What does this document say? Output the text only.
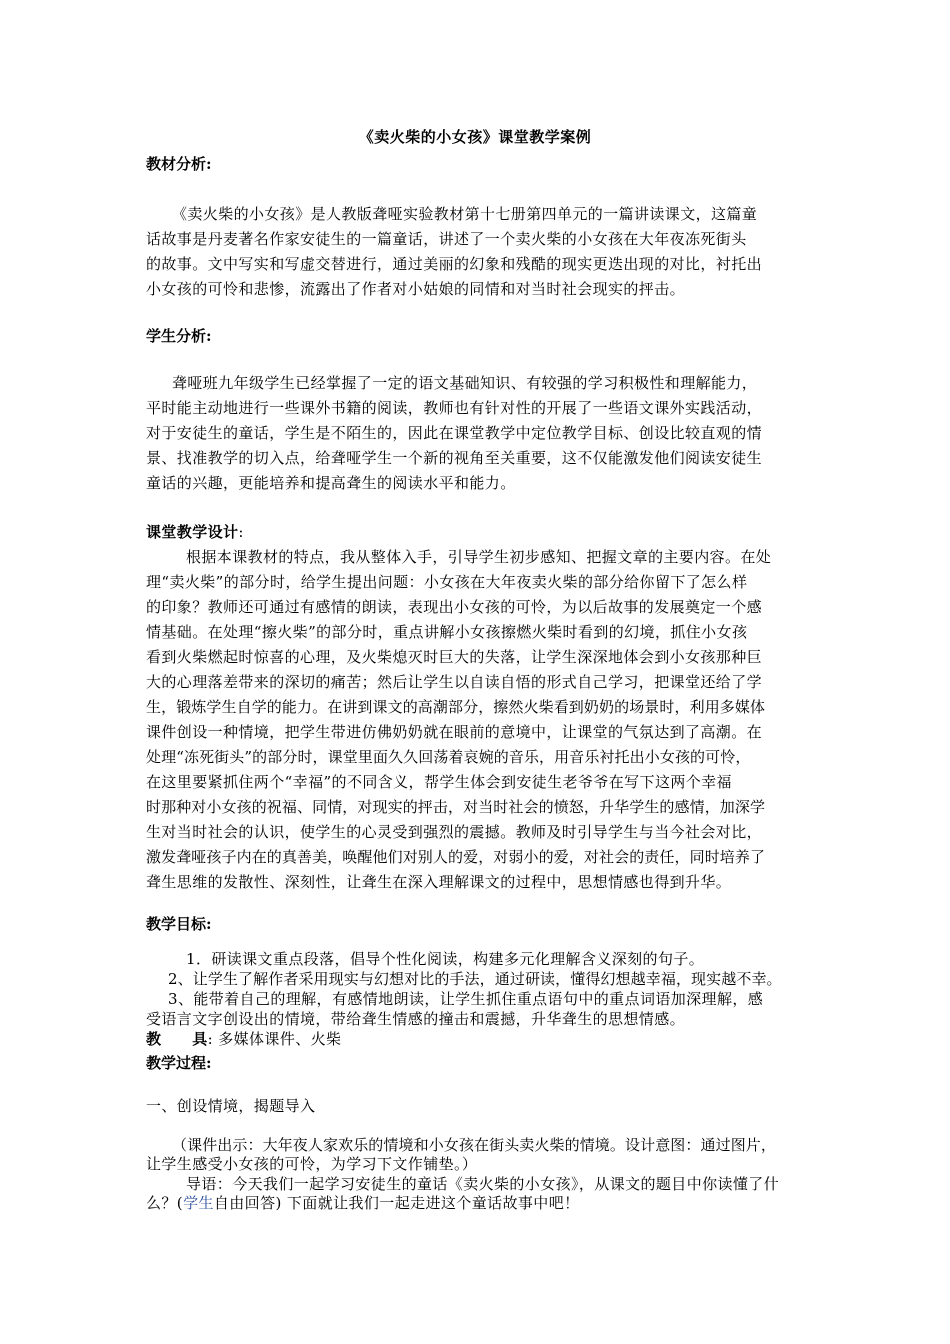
《卖火柴的小女孩》课堂教学案例
教材分析:
《卖火柴的小女孩》是人教版聋哑实验教材第十七册第四单元的一篇讲读课文，这篇童
话故事是丹麦著名作家安徒生的一篇童话，讲述了一个卖火柴的小女孩在大年夜冻死街头
的故事。文中写实和写虚交替进行，通过美丽的幻象和残酷的现实更迭出现的对比，衬托出
小女孩的可怜和悲惨，流露出了作者对小姑娘的同情和对当时社会现实的抨击。
学生分析:
聋哑班九年级学生已经掌握了一定的语文基础知识、有较强的学习积极性和理解能力，
平时能主动地进行一些课外书籍的阅读，教师也有针对性的开展了一些语文课外实践活动，
对于安徒生的童话，学生是不陌生的，因此在课堂教学中定位教学目标、创设比较直观的情
景、找准教学的切入点，给聋哑学生一个新的视角至关重要，这不仅能激发他们阅读安徒生
童话的兴趣，更能培养和提高聋生的阅读水平和能力。
课堂教学设计:
根据本课教材的特点，我从整体入手，引导学生初步感知、把握文章的主要内容。在处
理“卖火柴”的部分时，给学生提出问题：小女孩在大年夜卖火柴的部分给你留下了怎么样
的印象？教师还可通过有感情的朗读，表现出小女孩的可怜，为以后故事的发展奠定一个感
情基础。在处理“擦火柴”的部分时，重点讲解小女孩擦燃火柴时看到的幻境，抓住小女孩
看到火柴燃起时惊喜的心理，及火柴熄灭时巨大的失落，让学生深深地体会到小女孩那种巨
大的心理落差带来的深切的痛苦；然后让学生以自读自悟的形式自己学习，把课堂还给了学
生，锻炼学生自学的能力。在讲到课文的高潮部分，擦然火柴看到奶奶的场景时，利用多媒体
课件创设一种情境，把学生带进仿佛奶奶就在眼前的意境中，让课堂的气氛达到了高潮。在
处理“冻死街头”的部分时，课堂里面久久回荡着哀婉的音乐，用音乐衬托出小女孩的可怜，
在这里要紧抓住两个“幸福”的不同含义，帮学生体会到安徒生老爷爷在写下这两个幸福
时那种对小女孩的祝福、同情，对现实的抨击，对当时社会的愤怒，升华学生的感情，加深学
生对当时社会的认识，使学生的心灵受到强烈的震撼。教师及时引导学生与当今社会对比，
激发聋哑孩子内在的真善美，唤醒他们对别人的爱，对弱小的爱，对社会的责任，同时培养了
聋生思维的发散性、深刻性，让聋生在深入理解课文的过程中，思想情感也得到升华。
教学目标:
1．研读课文重点段落，倡导个性化阅读，构建多元化理解含义深刻的句子。
2、让学生了解作者采用现实与幻想对比的手法，通过研读，懂得幻想越幸福，现实越不幸。
3、能带着自己的理解，有感情地朗读，让学生抓住重点语句中的重点词语加深理解，感
受语言文字创设出的情境，带给聋生情感的撞击和震撼，升华聋生的思想情感。
教　　具: 多媒体课件、火柴
教学过程:
一、创设情境，揭题导入
（课件出示：大年夜人家欢乐的情境和小女孩在街头卖火柴的情境。设计意图：通过图片，
让学生感受小女孩的可怜，为学习下文作铺垫。）
导语：今天我们一起学习安徒生的童话《卖火柴的小女孩》，从课文的题目中你读懂了什
么？(学生自由回答) 下面就让我们一起走进这个童话故事中吧！
